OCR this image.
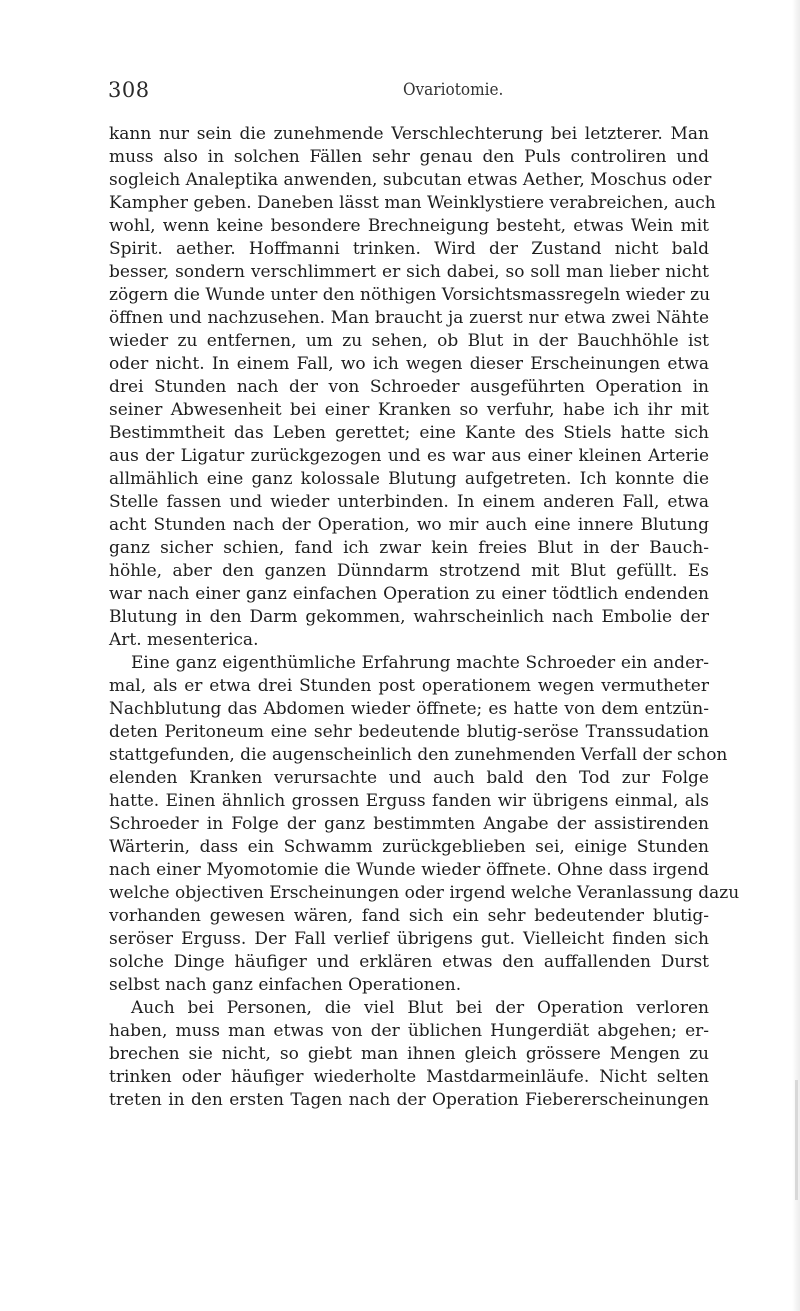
308	Ovariotomie.
kann nur sein die zunehmende Verschlechterung bei letzterer. Man
muss also in solchen Fällen sehr genau den Puls controliren und
sogleich Analeptika anwenden, subcutan etwas Aether, Moschus oder
Kampher geben. Daneben lässt man Weinklystiere verabreichen, auch
wohl, wenn keine besondere Brechneigung besteht, etwas Wein mit
Spirit. aether. Hoffmanni trinken. Wird der Zustand nicht bald
besser, sondern verschlimmert er sich dabei, so soll man lieber nicht
zögern die Wunde unter den nöthigen Vorsichtsmassregeln wieder zu
öffnen und nachzusehen. Man braucht ja zuerst nur etwa zwei Nähte
wieder zu entfernen, um zu sehen, ob Blut in der Bauchhöhle ist
oder nicht. In einem Fall, wo ich wegen dieser Erscheinungen etwa
drei Stunden nach der von Schroeder ausgeführten Operation in
seiner Abwesenheit bei einer Kranken so verfuhr, habe ich ihr mit
Bestimmtheit das Leben gerettet; eine Kante des Stiels hatte sich
aus der Ligatur zurückgezogen und es war aus einer kleinen Arterie
allmählich eine ganz kolossale Blutung aufgetreten. Ich konnte die
Stelle fassen und wieder unterbinden. In einem anderen Fall, etwa
acht Stunden nach der Operation, wo mir auch eine innere Blutung
ganz sicher schien, fand ich zwar kein freies Blut in der Bauch-
höhle, aber den ganzen Dünndarm strotzend mit Blut gefüllt. Es
war nach einer ganz einfachen Operation zu einer tödtlich endenden
Blutung in den Darm gekommen, wahrscheinlich nach Embolie der
Art. mesenterica.
Eine ganz eigenthümliche Erfahrung machte Schroeder ein ander-
mal, als er etwa drei Stunden post operationem wegen vermutheter
Nachblutung das Abdomen wieder öffnete; es hatte von dem entzün-
deten Peritoneum eine sehr bedeutende blutig-seröse Transsudation
stattgefunden, die augenscheinlich den zunehmenden Verfall der schon
elenden Kranken verursachte und auch bald den Tod zur Folge
hatte. Einen ähnlich grossen Erguss fanden wir übrigens einmal, als
Schroeder in Folge der ganz bestimmten Angabe der assistirenden
Wärterin, dass ein Schwamm zurückgeblieben sei, einige Stunden
nach einer Myomotomie die Wunde wieder öffnete. Ohne dass irgend
welche objectiven Erscheinungen oder irgend welche Veranlassung dazu
vorhanden gewesen wären, fand sich ein sehr bedeutender blutig-
seröser Erguss. Der Fall verlief übrigens gut. Vielleicht finden sich
solche Dinge häufiger und erklären etwas den auffallenden Durst
selbst nach ganz einfachen Operationen.
Auch bei Personen, die viel Blut bei der Operation verloren
haben, muss man etwas von der üblichen Hungerdiät abgehen; er-
brechen sie nicht, so giebt man ihnen gleich grössere Mengen zu
trinken oder häufiger wiederholte Mastdarmeinläufe. Nicht selten
treten in den ersten Tagen nach der Operation Fiebererscheinungen
